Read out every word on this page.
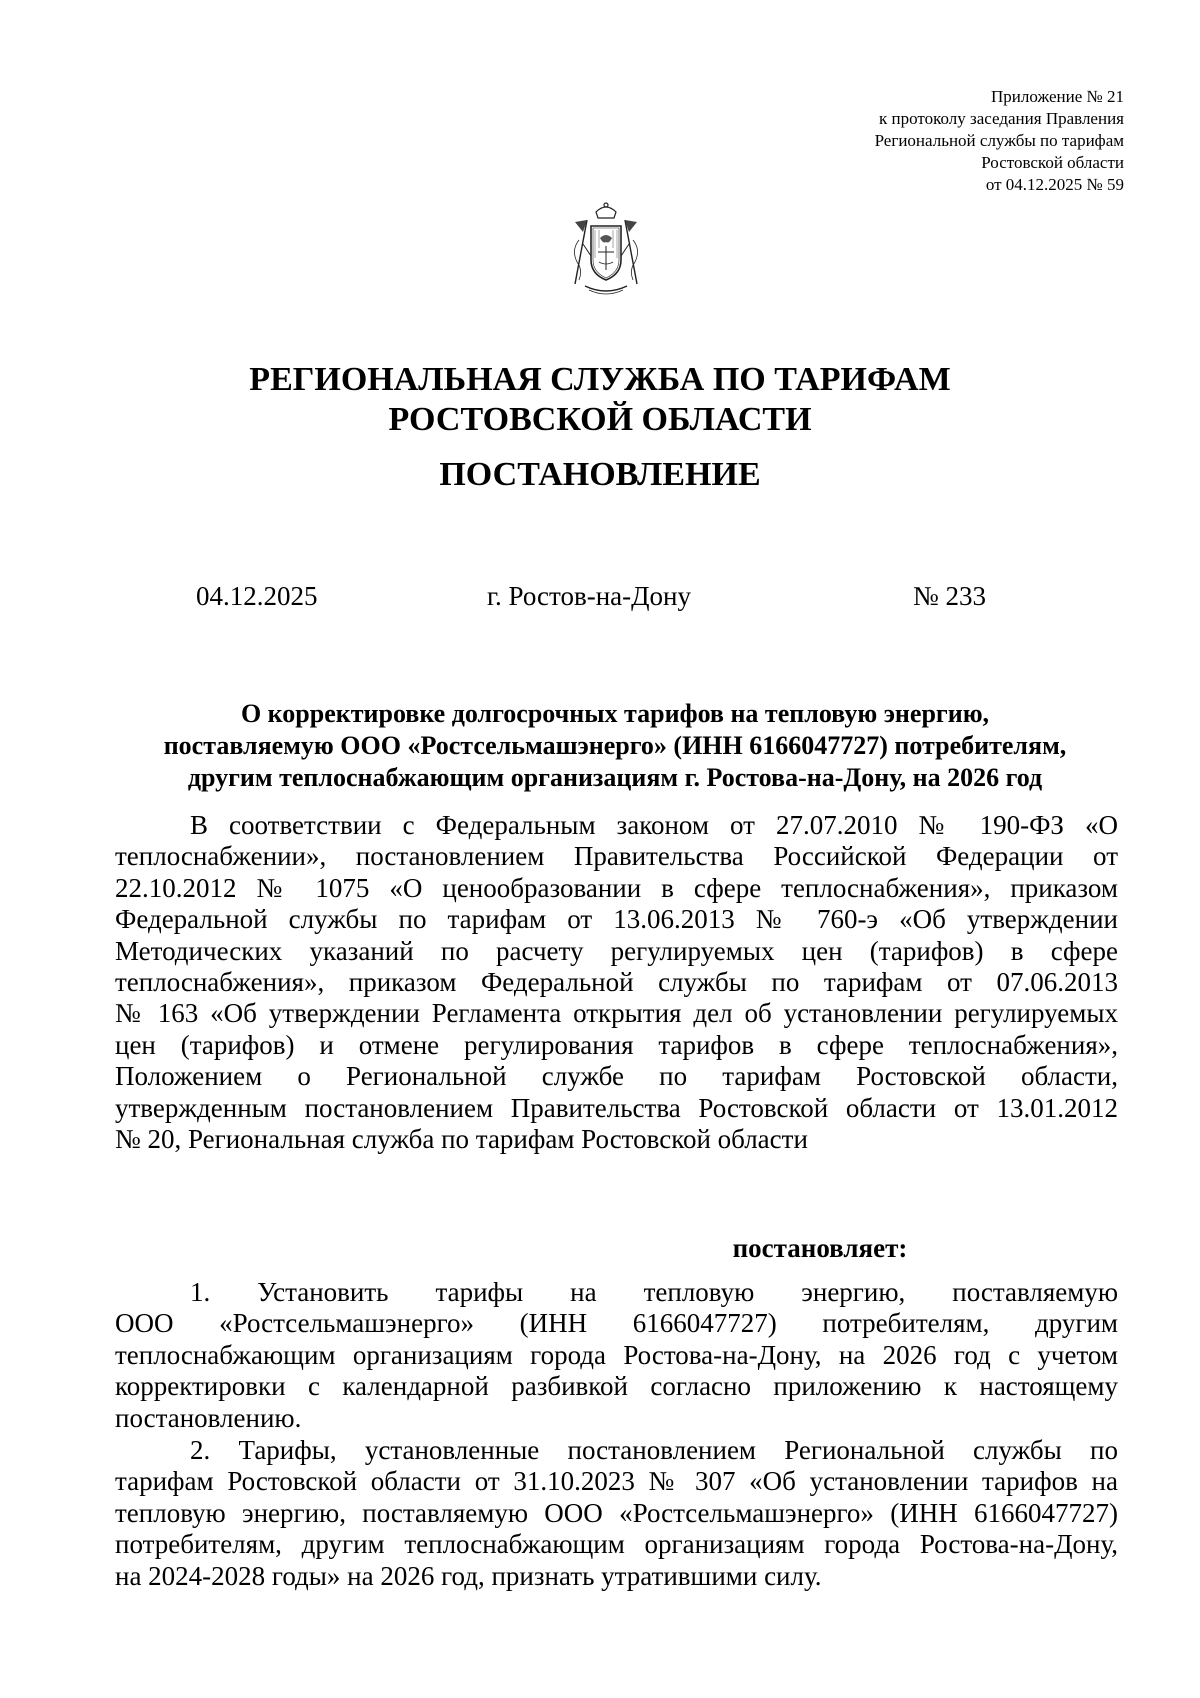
Приложение № 21
к протоколу заседания Правления
Региональной службы по тарифам
Ростовской области
от 04.12.2025 № 59
РЕГИОНАЛЬНАЯ СЛУЖБА ПО ТАРИФАМ
РОСТОВСКОЙ ОБЛАСТИ
ПОСТАНОВЛЕНИЕ
04.12.2025	г. Ростов-на-Дону	№ 233
О корректировке долгосрочных тарифов на тепловую энергию,
поставляемую ООО «Ростсельмашэнерго» (ИНН 6166047727) потребителям,
другим теплоснабжающим организациям г. Ростова-на-Дону, на 2026 год
В соответствии с Федеральным законом от 27.07.2010 № 190-ФЗ «О
теплоснабжении», постановлением Правительства Российской Федерации от
22.10.2012 № 1075 «О ценообразовании в сфере теплоснабжения», приказом
Федеральной службы по тарифам от 13.06.2013 № 760-э «Об утверждении
Методических указаний по расчету регулируемых цен (тарифов) в сфере
теплоснабжения», приказом Федеральной службы по тарифам от 07.06.2013
№ 163 «Об утверждении Регламента открытия дел об установлении регулируемых
цен (тарифов) и отмене регулирования тарифов в сфере теплоснабжения»,
Положением о Региональной службе по тарифам Ростовской области,
утвержденным постановлением Правительства Ростовской области от 13.01.2012
№ 20, Региональная служба по тарифам Ростовской области
постановляет:
1. Установить тарифы на тепловую энергию, поставляемую
ООО «Ростсельмашэнерго» (ИНН 6166047727) потребителям, другим
теплоснабжающим организациям города Ростова-на-Дону, на 2026 год с учетом
корректировки с календарной разбивкой согласно приложению к настоящему
постановлению.
2. Тарифы, установленные постановлением Региональной службы по
тарифам Ростовской области от 31.10.2023 № 307 «Об установлении тарифов на
тепловую энергию, поставляемую ООО «Ростсельмашэнерго» (ИНН 6166047727)
потребителям, другим теплоснабжающим организациям города Ростова-на-Дону,
на 2024-2028 годы» на 2026 год, признать утратившими силу.
